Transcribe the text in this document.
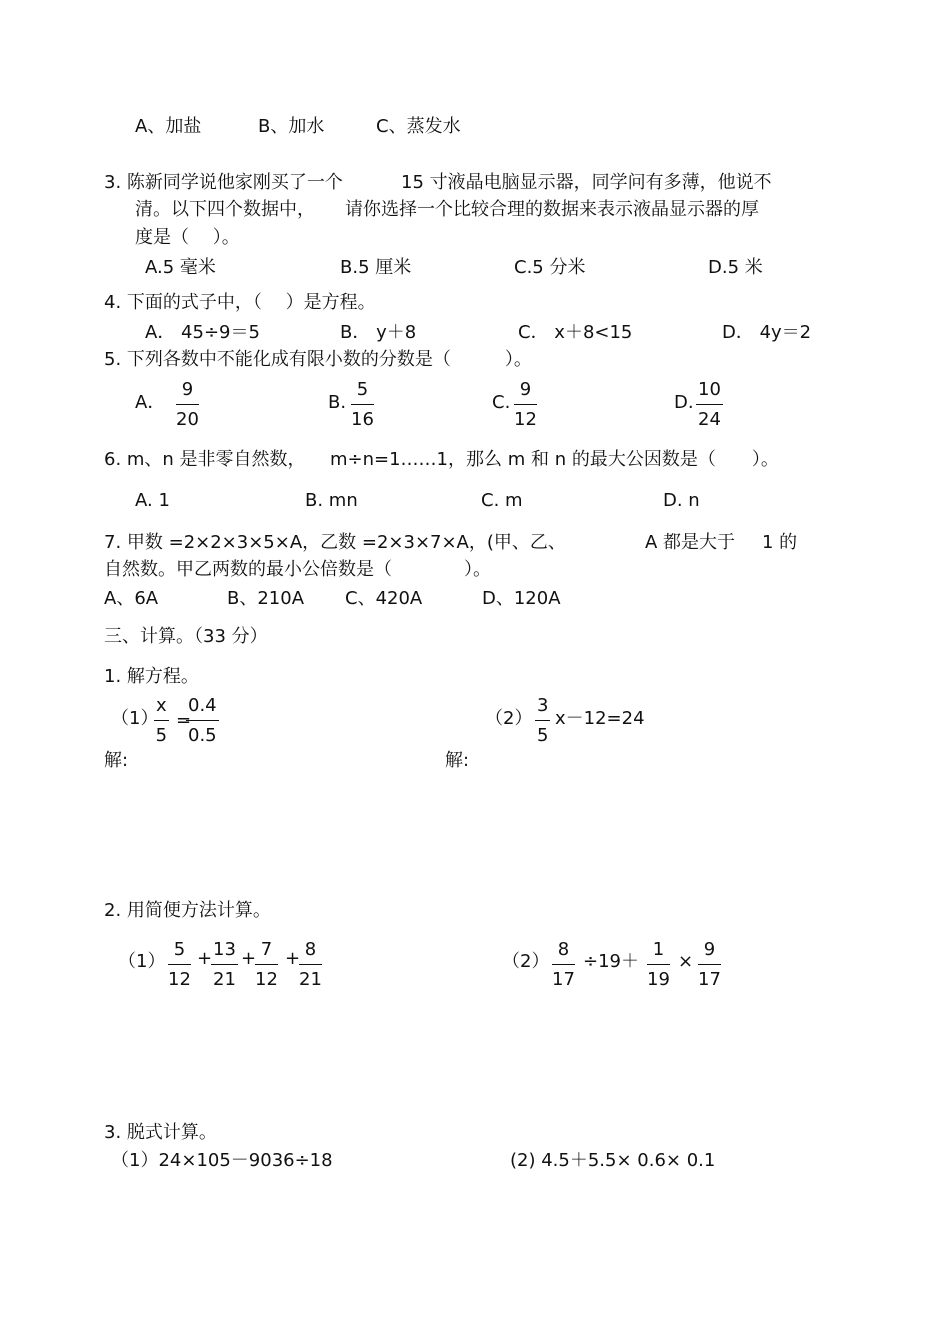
A、加盐	B、加水	C、蒸发水
3. 陈新同学说他家刚买了一个	15 寸液晶电脑显示器，同学问有多薄，他说不
清。以下四个数据中， 请你选择一个比较合理的数据来表示液晶显示器的厚
度是（　 ）。
A.5 毫米	B.5 厘米	C.5 分米	D.5 米
4. 下面的式子中，（　 ）是方程。
A． 45÷9＝5	B． y＋8	C． x＋8<15	D． 4y＝2
5. 下列各数中不能化成有限小数的分数是（　　　）。
A． $\frac{9}{20}$	B. $\frac{5}{16}$	C. $\frac{9}{12}$	D. $\frac{10}{24}$
6. m、n 是非零自然数， m÷n=1……1，那么 m 和 n 的最大公因数是（　　）。
A. 1	B. mn	C. m	D. n
7. 甲数 =2×2×3×5×A，乙数 =2×3×7×A，(甲、乙、	A 都是大于 1 的
自然数。甲乙两数的最小公倍数是（　　　　）。
A、6A	B、210A C、420A	D、120A
三、计算。（33 分）
1. 解方程。
（1）
$\frac{x}{5}$ =
$\frac{0.4}{0.5}$	$(2) \frac{3}{5} x-12=24$
解:	解:
2. 用简便方法计算。
$(1) \frac{5}{12}$ +
$\frac{13}{21}$ +
$\frac{7}{12}$ +
$\frac{8}{21}$	$(2) \frac{8}{17} \div 19+ \frac{1}{19} \times \frac{9}{17}$
3. 脱式计算。
（1）24×105－9036÷18	(2) 4.5＋5.5× 0.6× 0.1
